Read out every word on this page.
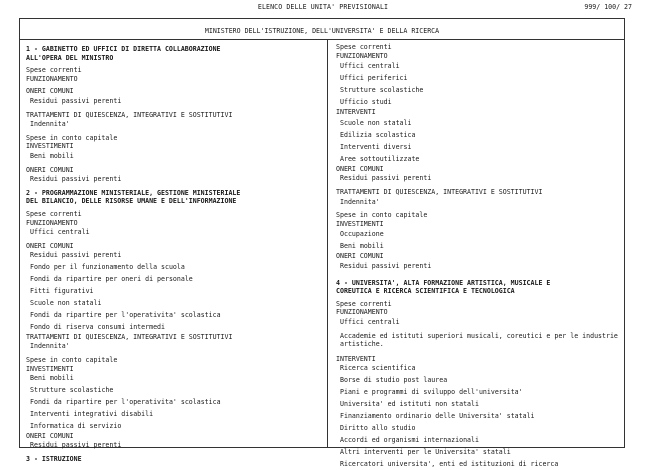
ELENCO DELLE UNITA' PREVISIONALI	999/ 100/ 27
MINISTERO DELL'ISTRUZIONE, DELL'UNIVERSITA' E DELLA RICERCA
1 - GABINETTO ED UFFICI DI DIRETTA COLLABORAZIONE
ALL'OPERA DEL MINISTRO
Spese correnti
FUNZIONAMENTO
ONERI COMUNI
Residui passivi perenti
TRATTAMENTI DI QUIESCENZA, INTEGRATIVI E SOSTITUTIVI
Indennita'
Spese in conto capitale
INVESTIMENTI
Beni mobili
ONERI COMUNI
Residui passivi perenti
2 - PROGRAMMAZIONE MINISTERIALE, GESTIONE MINISTERIALE
DEL BILANCIO, DELLE RISORSE UMANE E DELL'INFORMAZIONE
Spese correnti
FUNZIONAMENTO
Uffici centrali
ONERI COMUNI
Residui passivi perenti
Fondo per il funzionamento della scuola
Fondi da ripartire per oneri di personale
Fitti figurativi
Scuole non statali
Fondi da ripartire per l'operativita' scolastica
Fondo di riserva consumi intermedi
TRATTAMENTI DI QUIESCENZA, INTEGRATIVI E SOSTITUTIVI
Indennita'
Spese in conto capitale
INVESTIMENTI
Beni mobili
Strutture scolastiche
Fondi da ripartire per l'operativita' scolastica
Interventi integrativi disabili
Informatica di servizio
ONERI COMUNI
Residui passivi perenti
3 - ISTRUZIONE
Spese correnti
FUNZIONAMENTO
Uffici centrali
Uffici periferici
Strutture scolastiche
Ufficio studi
INTERVENTI
Scuole non statali
Edilizia scolastica
Interventi diversi
Aree sottoutilizzate
ONERI COMUNI
Residui passivi perenti
TRATTAMENTI DI QUIESCENZA, INTEGRATIVI E SOSTITUTIVI
Indennita'
Spese in conto capitale
INVESTIMENTI
Occupazione
Beni mobili
ONERI COMUNI
Residui passivi perenti
4 - UNIVERSITA', ALTA FORMAZIONE ARTISTICA, MUSICALE E
COREUTICA E RICERCA SCIENTIFICA E TECNOLOGICA
Spese correnti
FUNZIONAMENTO
Uffici centrali
Accademie ed istituti superiori musicali, coreutici e per le industrie artistiche.
INTERVENTI
Ricerca scientifica
Borse di studio post laurea
Piani e programmi di sviluppo dell'universita'
Universita' ed istituti non statali
Finanziamento ordinario delle Universita' statali
Diritto allo studio
Accordi ed organismi internazionali
Altri interventi per le Universita' statali
Ricercatori universita', enti ed istituzioni di ricerca
